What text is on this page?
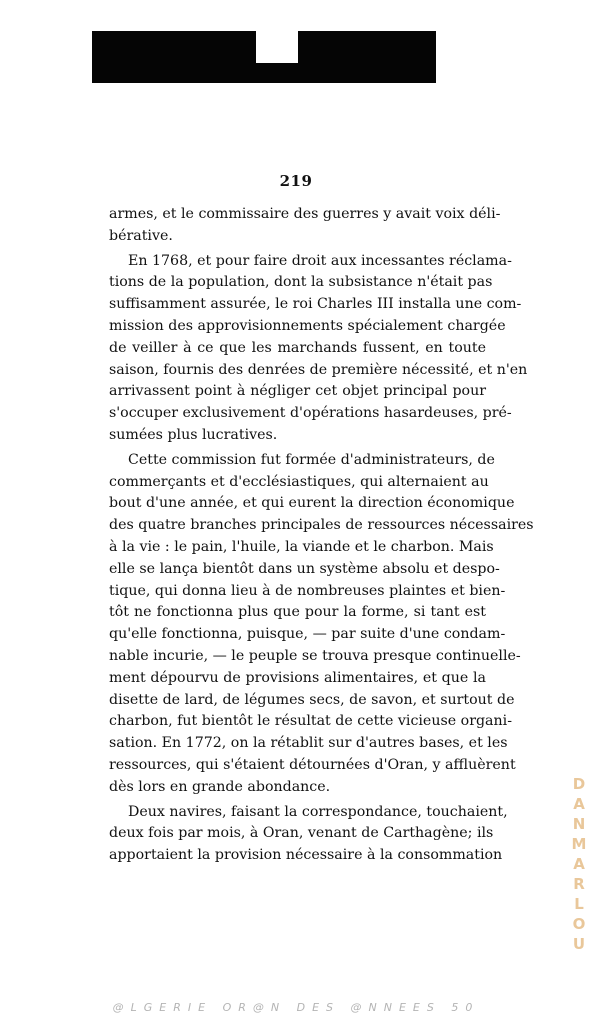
219
armes, et le commissaire des guerres y avait voix déli-
bérative.
En 1768, et pour faire droit aux incessantes réclama-
tions de la population, dont la subsistance n'était pas
suffisamment assurée, le roi Charles III installa une com-
mission des approvisionnements spécialement chargée
de veiller à ce que les marchands fussent, en toute
saison, fournis des denrées de première nécessité, et n'en
arrivassent point à négliger cet objet principal pour
s'occuper exclusivement d'opérations hasardeuses, pré-
sumées plus lucratives.
Cette commission fut formée d'administrateurs, de
commerçants et d'ecclésiastiques, qui alternaient au
bout d'une année, et qui eurent la direction économique
des quatre branches principales de ressources nécessaires
à la vie : le pain, l'huile, la viande et le charbon. Mais
elle se lança bientôt dans un système absolu et despo-
tique, qui donna lieu à de nombreuses plaintes et bien-
tôt ne fonctionna plus que pour la forme, si tant est
qu'elle fonctionna, puisque, — par suite d'une condam-
nable incurie, — le peuple se trouva presque continuelle-
ment dépourvu de provisions alimentaires, et que la
disette de lard, de légumes secs, de savon, et surtout de
charbon, fut bientôt le résultat de cette vicieuse organi-
sation. En 1772, on la rétablit sur d'autres bases, et les
ressources, qui s'étaient détournées d'Oran, y affluèrent
dès lors en grande abondance.
Deux navires, faisant la correspondance, touchaient,
deux fois par mois, à Oran, venant de Carthagène; ils
apportaient la provision nécessaire à la consommation	DANMARLOU
@LGERIE OR@N DES @NNEES 50
